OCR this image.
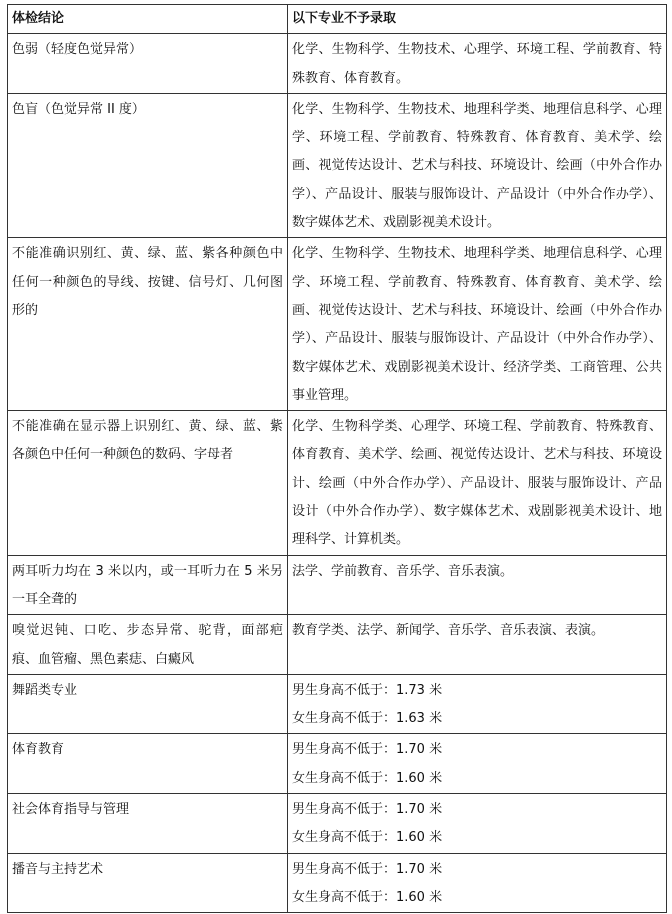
体检结论	以下专业不予录取
色弱（轻度色觉异常）	化学、生物科学、生物技术、心理学、环境工程、学前教育、特殊教育、体育教育。
色盲（色觉异常 II 度）	化学、生物科学、生物技术、地理科学类、地理信息科学、心理学、环境工程、学前教育、特殊教育、体育教育、美术学、绘画、视觉传达设计、艺术与科技、环境设计、绘画（中外合作办学）、产品设计、服装与服饰设计、产品设计（中外合作办学）、数字媒体艺术、戏剧影视美术设计。
不能准确识别红、黄、绿、蓝、紫各种颜色中任何一种颜色的导线、按键、信号灯、几何图形的	化学、生物科学、生物技术、地理科学类、地理信息科学、心理学、环境工程、学前教育、特殊教育、体育教育、美术学、绘画、视觉传达设计、艺术与科技、环境设计、绘画（中外合作办学）、产品设计、服装与服饰设计、产品设计（中外合作办学）、数字媒体艺术、戏剧影视美术设计、经济学类、工商管理、公共事业管理。
不能准确在显示器上识别红、黄、绿、蓝、紫各颜色中任何一种颜色的数码、字母者	化学、生物科学类、心理学、环境工程、学前教育、特殊教育、体育教育、美术学、绘画、视觉传达设计、艺术与科技、环境设计、绘画（中外合作办学）、产品设计、服装与服饰设计、产品设计（中外合作办学）、数字媒体艺术、戏剧影视美术设计、地理科学、计算机类。
两耳听力均在 3 米以内，或一耳听力在 5 米另一耳全聋的	法学、学前教育、音乐学、音乐表演。
嗅觉迟钝、口吃、步态异常、驼背，面部疤痕、血管瘤、黑色素痣、白癜风	教育学类、法学、新闻学、音乐学、音乐表演、表演。
舞蹈类专业	男生身高不低于：1.73 米
女生身高不低于：1.63 米

体育教育	男生身高不低于：1.70 米
女生身高不低于：1.60 米

社会体育指导与管理	男生身高不低于：1.70 米
女生身高不低于：1.60 米

播音与主持艺术	男生身高不低于：1.70 米
女生身高不低于：1.60 米
